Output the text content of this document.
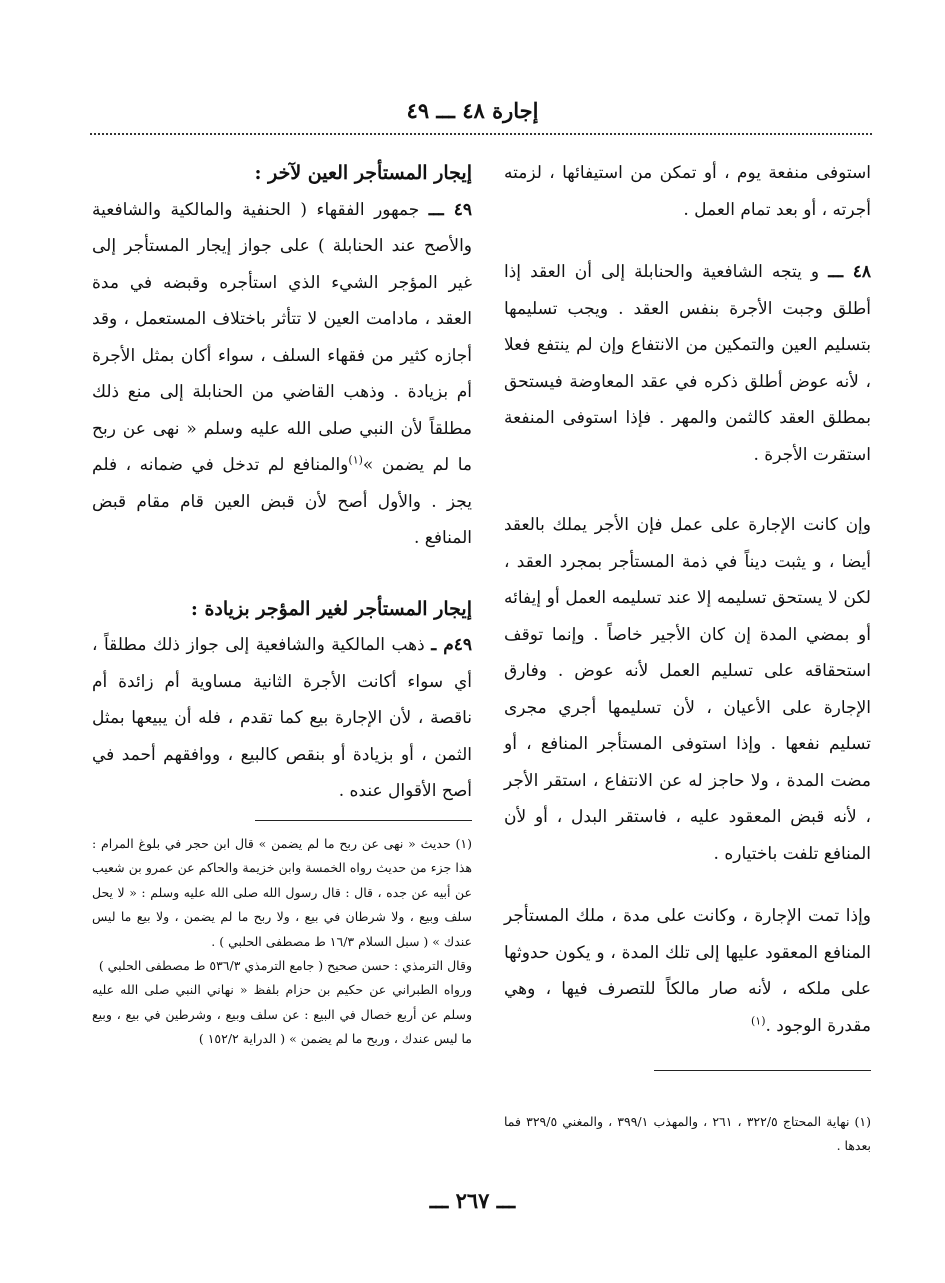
إجارة ٤٨ ـــ ٤٩

استوفى منفعة يوم ، أو تمكن من استيفائها ، لزمته أجرته ، أو بعد تمام العمل .

٤٨ ـــ و يتجه الشافعية والحنابلة إلى أن العقد إذا أطلق وجبت الأجرة بنفس العقد . ويجب تسليمها بتسليم العين والتمكين من الانتفاع وإن لم ينتفع فعلا ، لأنه عوض أطلق ذكره في عقد المعاوضة فيستحق بمطلق العقد كالثمن والمهر . فإذا استوفى المنفعة استقرت الأجرة .

وإن كانت الإجارة على عمل فإن الأجر يملك بالعقد أيضا ، و يثبت ديناً في ذمة المستأجر بمجرد العقد ، لكن لا يستحق تسليمه إلا عند تسليمه العمل أو إيفائه أو بمضي المدة إن كان الأجير خاصاً . وإنما توقف استحقاقه على تسليم العمل لأنه عوض . وفارق الإجارة على الأعيان ، لأن تسليمها أجري مجرى تسليم نفعها . وإذا استوفى المستأجر المنافع ، أو مضت المدة ، ولا حاجز له عن الانتفاع ، استقر الأجر ، لأنه قبض المعقود عليه ، فاستقر البدل ، أو لأن المنافع تلفت باختياره .

وإذا تمت الإجارة ، وكانت على مدة ، ملك المستأجر المنافع المعقود عليها إلى تلك المدة ، و يكون حدوثها على ملكه ، لأنه صار مالكاً للتصرف فيها ، وهي مقدرة الوجود .$^{(١)}$

(١) نهاية المحتاج ٣٢٢/٥ ، ٢٦١ ، والمهذب ٣٩٩/١ ، والمغني ٣٢٩/٥ فما بعدها .

إيجار المستأجر العين لآخر :

٤٩ ـــ جمهور الفقهاء ( الحنفية والمالكية والشافعية والأصح عند الحنابلة ) على جواز إيجار المستأجر إلى غير المؤجر الشيء الذي استأجره وقبضه في مدة العقد ، مادامت العين لا تتأثر باختلاف المستعمل ، وقد أجازه كثير من فقهاء السلف ، سواء أكان بمثل الأجرة أم بزيادة . وذهب القاضي من الحنابلة إلى منع ذلك مطلقاً لأن النبي صلى الله عليه وسلم « نهى عن ربح ما لم يضمن »$^{(١)}$والمنافع لم تدخل في ضمانه ، فلم يجز . والأول أصح لأن قبض العين قام مقام قبض المنافع .

إيجار المستأجر لغير المؤجر بزيادة :

٤٩م ـ ذهب المالكية والشافعية إلى جواز ذلك مطلقاً ، أي سواء أكانت الأجرة الثانية مساوية أم زائدة أم ناقصة ، لأن الإجارة بيع كما تقدم ، فله أن يبيعها بمثل الثمن ، أو بزيادة أو بنقص كالبيع ، ووافقهم أحمد في أصح الأقوال عنده .

(١) حديث « نهى عن ربح ما لم يضمن » قال ابن حجر في بلوغ المرام : هذا جزء من حديث رواه الخمسة وابن خزيمة والحاكم عن عمرو بن شعيب عن أبيه عن جده ، قال : قال رسول الله صلى الله عليه وسلم : « لا يحل سلف وبيع ، ولا شرطان في بيع ، ولا ربح ما لم يضمن ، ولا بيع ما ليس عندك » ( سبل السلام ١٦/٣ ط مصطفى الحلبي ) .

وقال الترمذي : حسن صحيح ( جامع الترمذي ٥٣٦/٣ ط مصطفى الحلبي )

ورواه الطبراني عن حكيم بن حزام بلفظ « نهاني النبي صلى الله عليه وسلم عن أربع خصال في البيع : عن سلف وبيع ، وشرطين في بيع ، وبيع ما ليس عندك ، وربح ما لم يضمن » ( الدراية ١٥٢/٢ )

ـــ ٢٦٧ ـــ
